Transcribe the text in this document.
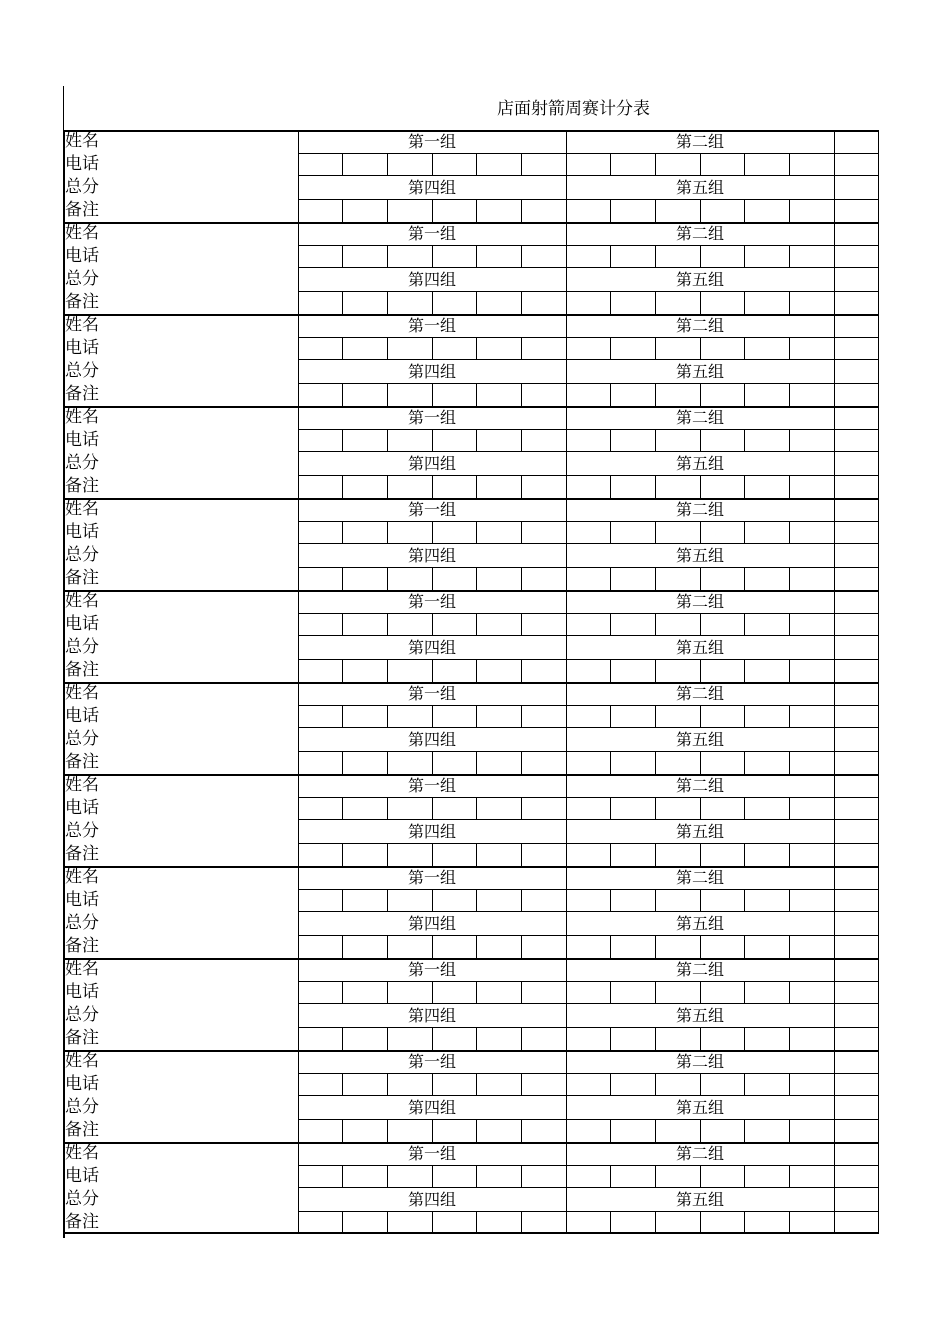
店面射箭周赛计分表
姓名	第一组	第二组
电话
总分	第四组	第五组
备注
姓名	第一组	第二组
电话
总分	第四组	第五组
备注
姓名	第一组	第二组
电话
总分	第四组	第五组
备注
姓名	第一组	第二组
电话
总分	第四组	第五组
备注
姓名	第一组	第二组
电话
总分	第四组	第五组
备注
姓名	第一组	第二组
电话
总分	第四组	第五组
备注
姓名	第一组	第二组
电话
总分	第四组	第五组
备注
姓名	第一组	第二组
电话
总分	第四组	第五组
备注
姓名	第一组	第二组
电话
总分	第四组	第五组
备注
姓名	第一组	第二组
电话
总分	第四组	第五组
备注
姓名	第一组	第二组
电话
总分	第四组	第五组
备注
姓名	第一组	第二组
电话
总分	第四组	第五组
备注
